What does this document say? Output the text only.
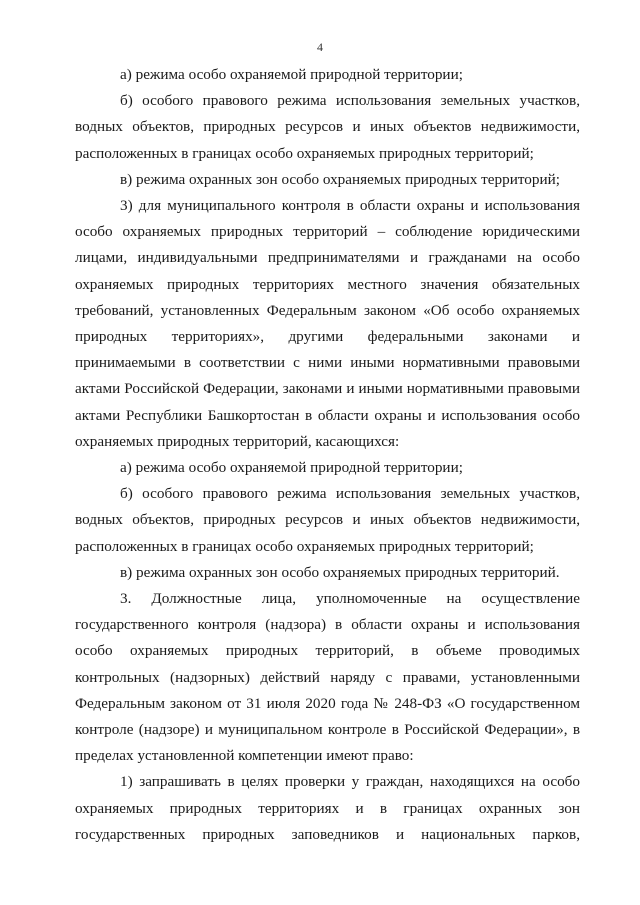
4

а) режима особо охраняемой природной территории;

б) особого правового режима использования земельных участков, водных объектов, природных ресурсов и иных объектов недвижимости, расположенных в границах особо охраняемых природных территорий;

в) режима охранных зон особо охраняемых природных территорий;

3) для муниципального контроля в области охраны и использования особо охраняемых природных территорий – соблюдение юридическими лицами, индивидуальными предпринимателями и гражданами на особо охраняемых природных территориях местного значения обязательных требований, установленных Федеральным законом «Об особо охраняемых природных территориях», другими федеральными законами и принимаемыми в соответствии с ними иными нормативными правовыми актами Российской Федерации, законами и иными нормативными правовыми актами Республики Башкортостан в области охраны и использования особо охраняемых природных территорий, касающихся:

а) режима особо охраняемой природной территории;

б) особого правового режима использования земельных участков, водных объектов, природных ресурсов и иных объектов недвижимости, расположенных в границах особо охраняемых природных территорий;

в) режима охранных зон особо охраняемых природных территорий.

3. Должностные лица, уполномоченные на осуществление государственного контроля (надзора) в области охраны и использования особо охраняемых природных территорий, в объеме проводимых контрольных (надзорных) действий наряду с правами, установленными Федеральным законом от 31 июля 2020 года № 248-ФЗ «О государственном контроле (надзоре) и муниципальном контроле в Российской Федерации», в пределах установленной компетенции имеют право:

1) запрашивать в целях проверки у граждан, находящихся на особо охраняемых природных территориях и в границах охранных зон государственных природных заповедников и национальных парков,
